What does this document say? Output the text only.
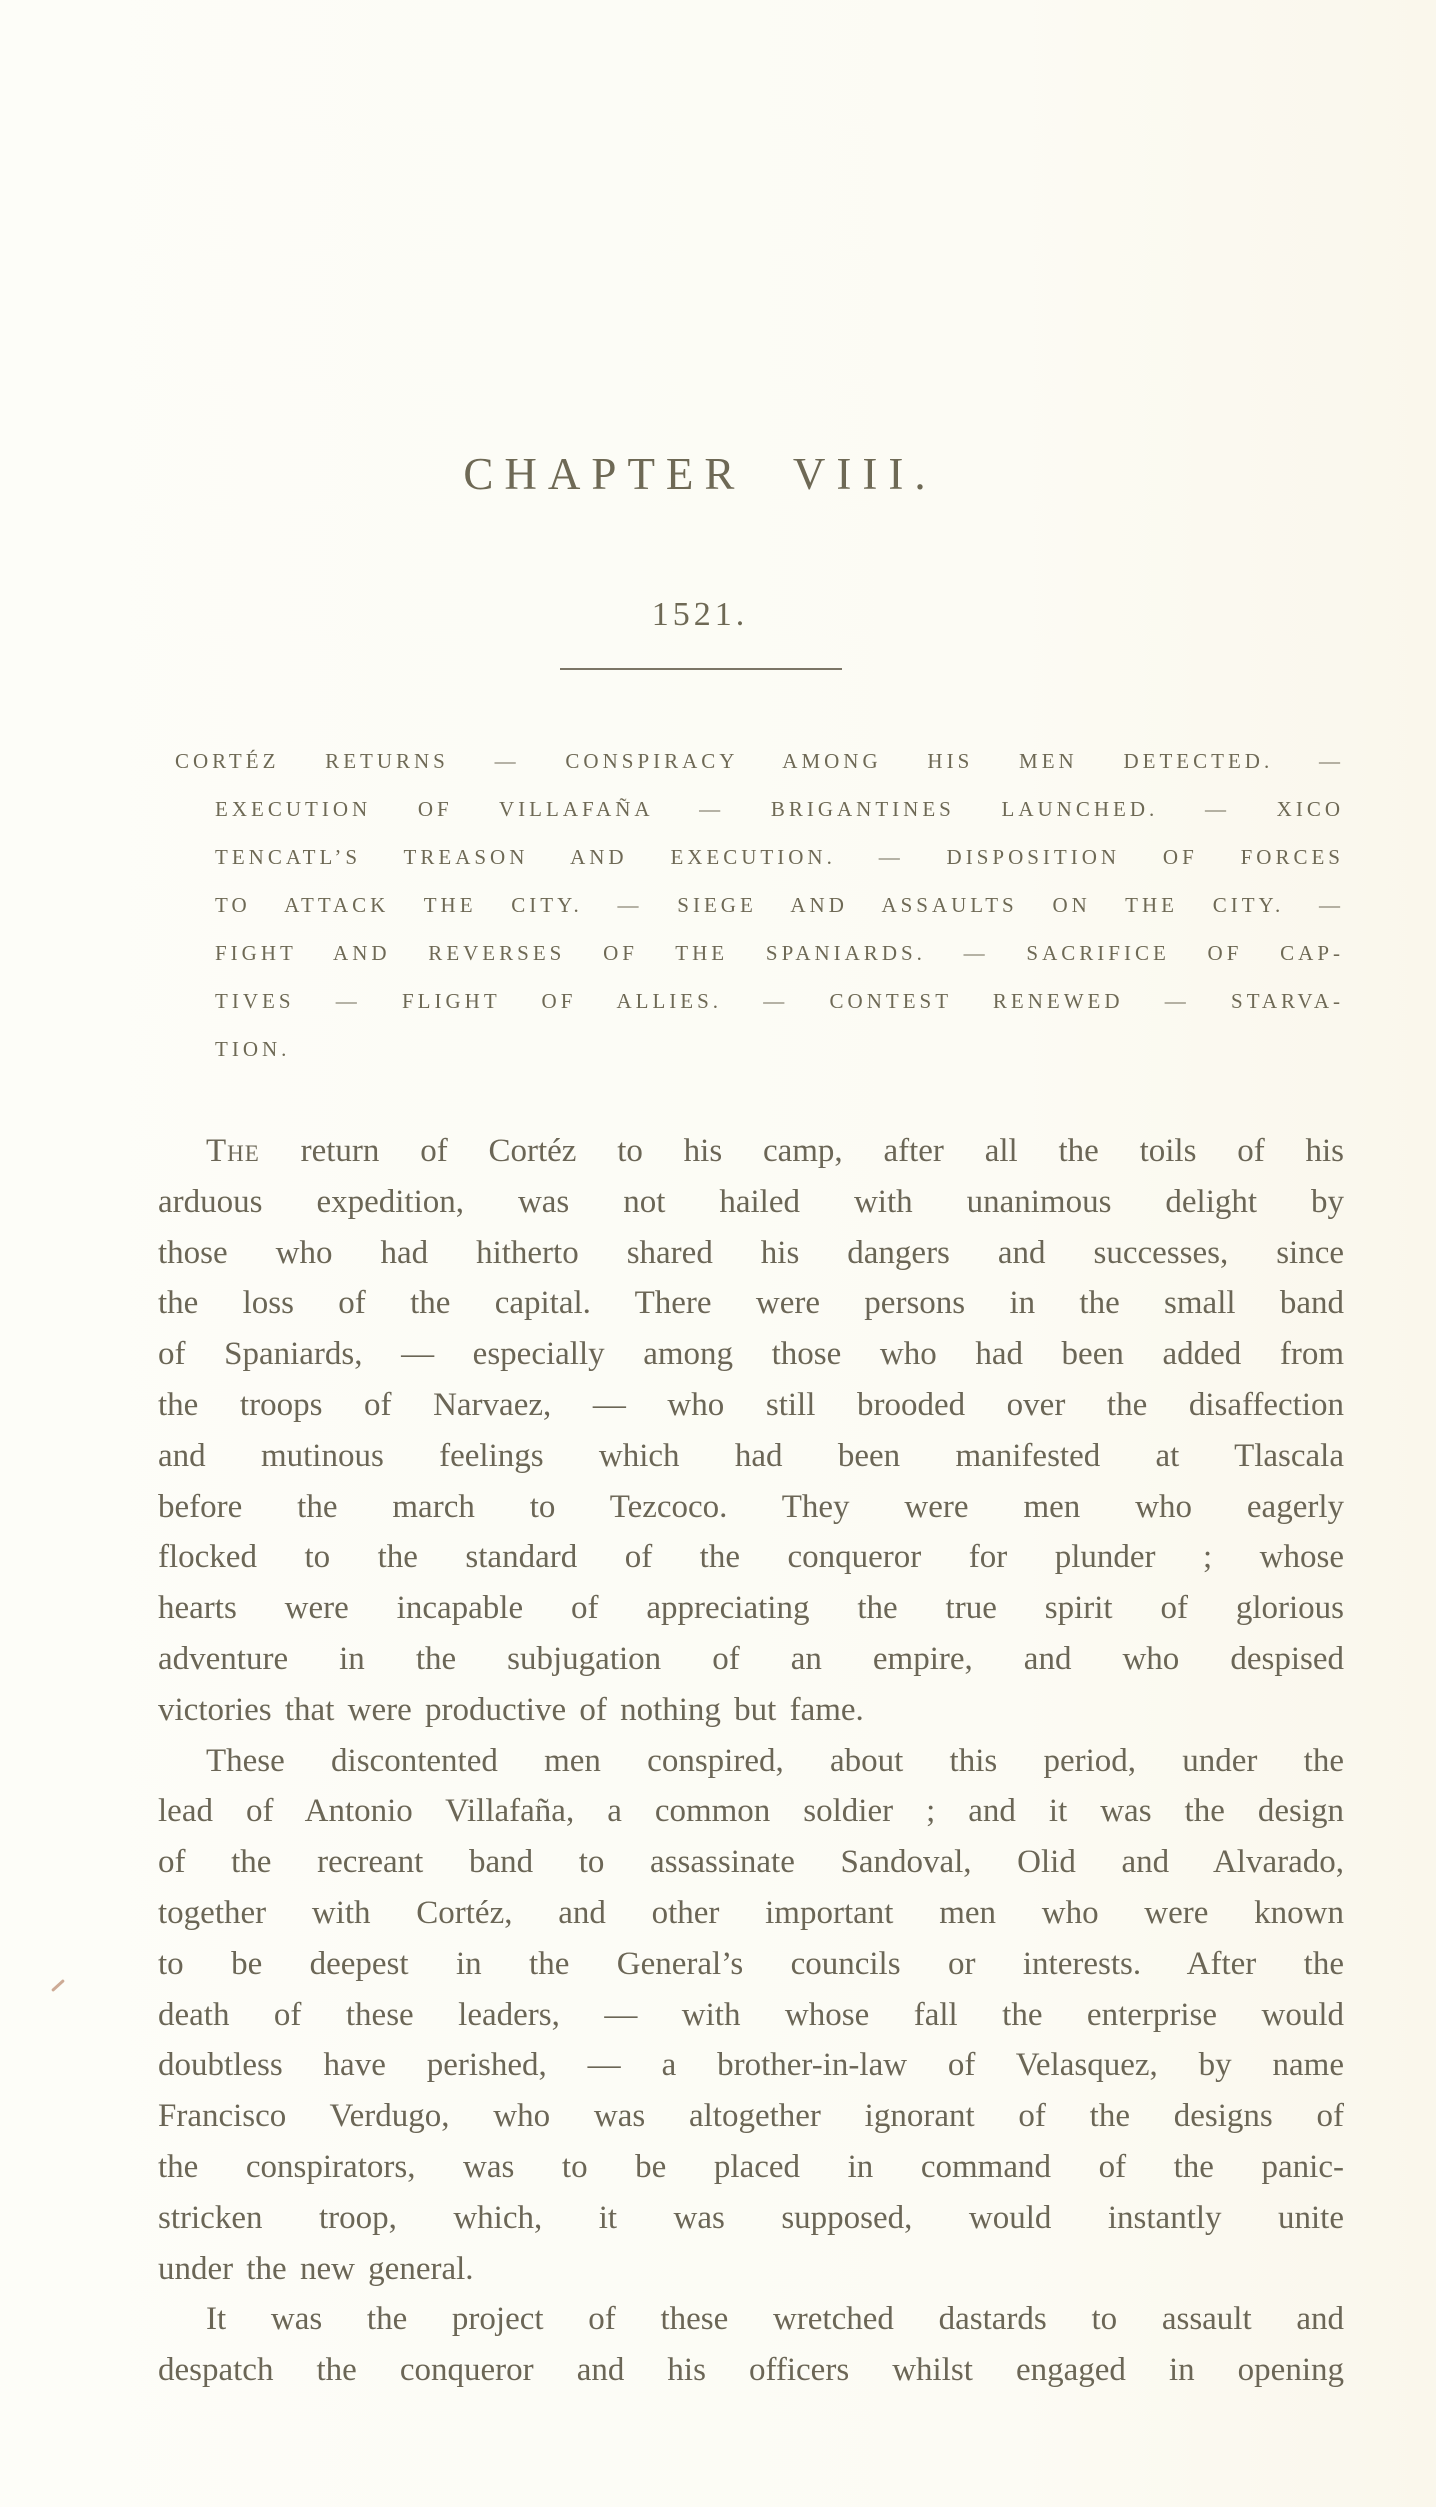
CHAPTER VIII.
1521.
CORTÉZ RETURNS — CONSPIRACY AMONG HIS MEN DETECTED. —
EXECUTION OF VILLAFAÑA — BRIGANTINES LAUNCHED. — XICO
TENCATL’S TREASON AND EXECUTION. — DISPOSITION OF FORCES
TO ATTACK THE CITY. — SIEGE AND ASSAULTS ON THE CITY. —
FIGHT AND REVERSES OF THE SPANIARDS. — SACRIFICE OF CAP-
TIVES — FLIGHT OF ALLIES. — CONTEST RENEWED — STARVA-
TION.
The return of Cortéz to his camp, after all the toils of his
arduous expedition, was not hailed with unanimous delight by
those who had hitherto shared his dangers and successes, since
the loss of the capital. There were persons in the small band
of Spaniards, — especially among those who had been added from
the troops of Narvaez, — who still brooded over the disaffection
and mutinous feelings which had been manifested at Tlascala
before the march to Tezcoco. They were men who eagerly
flocked to the standard of the conqueror for plunder ; whose
hearts were incapable of appreciating the true spirit of glorious
adventure in the subjugation of an empire, and who despised
victories that were productive of nothing but fame.
These discontented men conspired, about this period, under the
lead of Antonio Villafaña, a common soldier ; and it was the design
of the recreant band to assassinate Sandoval, Olid and Alvarado,
together with Cortéz, and other important men who were known
to be deepest in the General’s councils or interests. After the
death of these leaders, — with whose fall the enterprise would
doubtless have perished, — a brother-in-law of Velasquez, by name
Francisco Verdugo, who was altogether ignorant of the designs of
the conspirators, was to be placed in command of the panic-
stricken troop, which, it was supposed, would instantly unite
under the new general.
It was the project of these wretched dastards to assault and
despatch the conqueror and his officers whilst engaged in opening
